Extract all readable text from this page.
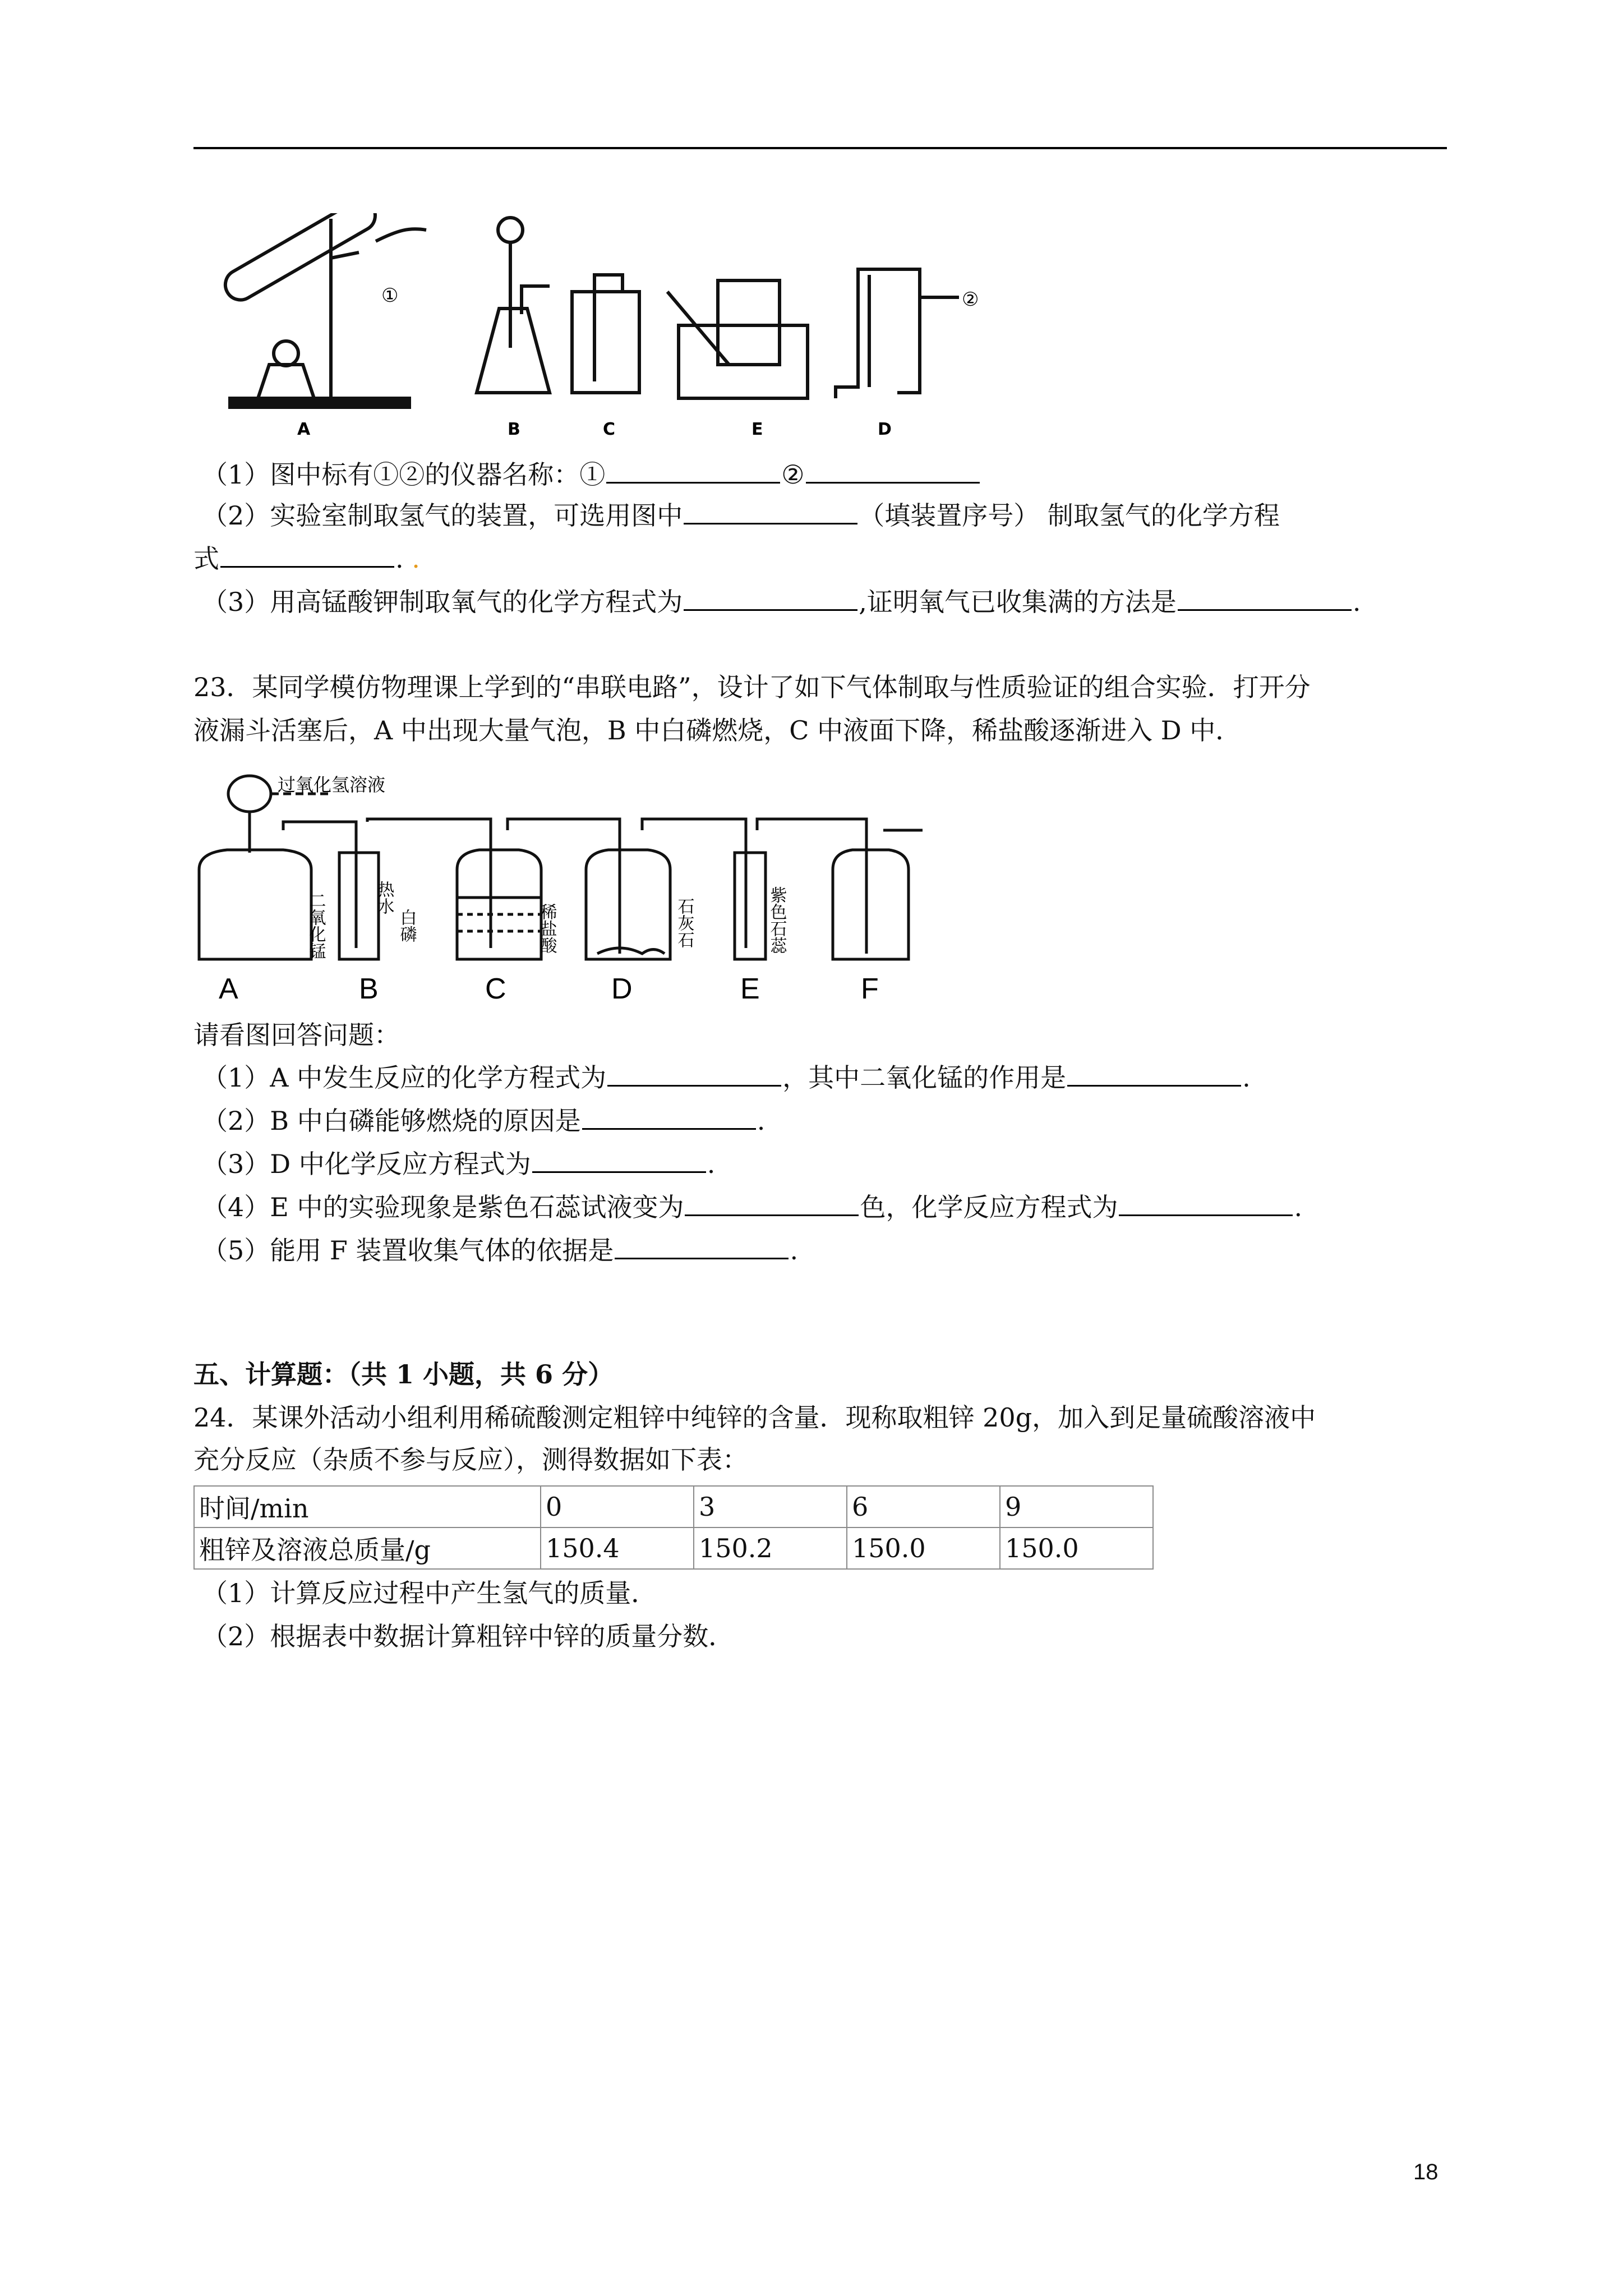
①	②
A	B	C	E	D
（1）图中标有①②的仪器名称：①	②
（2）实验室制取氢气的装置，可选用图中	（填装置序号） 制取氢气的化学方程
式	. .
（3）用高锰酸钾制取氧气的化学方程式为	,证明氧气已收集满的方法是	.
23．某同学模仿物理课上学到的“串联电路”，设计了如下气体制取与性质验证的组合实验．打开分
液漏斗活塞后，A 中出现大量气泡，B 中白磷燃烧，C 中液面下降，稀盐酸逐渐进入 D 中．
过氧化氢溶液
二氧化锰	热水
白磷	稀盐酸	石灰石	紫色石蕊
A	B	C	D	E	F
请看图回答问题：
（1）A 中发生反应的化学方程式为	，其中二氧化锰的作用是	.
（2）B 中白磷能够燃烧的原因是	.
（3）D 中化学反应方程式为	.
（4）E 中的实验现象是紫色石蕊试液变为	色，化学反应方程式为	.
（5）能用 F 装置收集气体的依据是	.
五、计算题：（共 1 小题，共 6 分）
24．某课外活动小组利用稀硫酸测定粗锌中纯锌的含量．现称取粗锌 20g，加入到足量硫酸溶液中
充分反应（杂质不参与反应），测得数据如下表：
时间/min	0	3	6	9
粗锌及溶液总质量/g	150.4	150.2	150.0	150.0
（1）计算反应过程中产生氢气的质量．
（2）根据表中数据计算粗锌中锌的质量分数．
18
